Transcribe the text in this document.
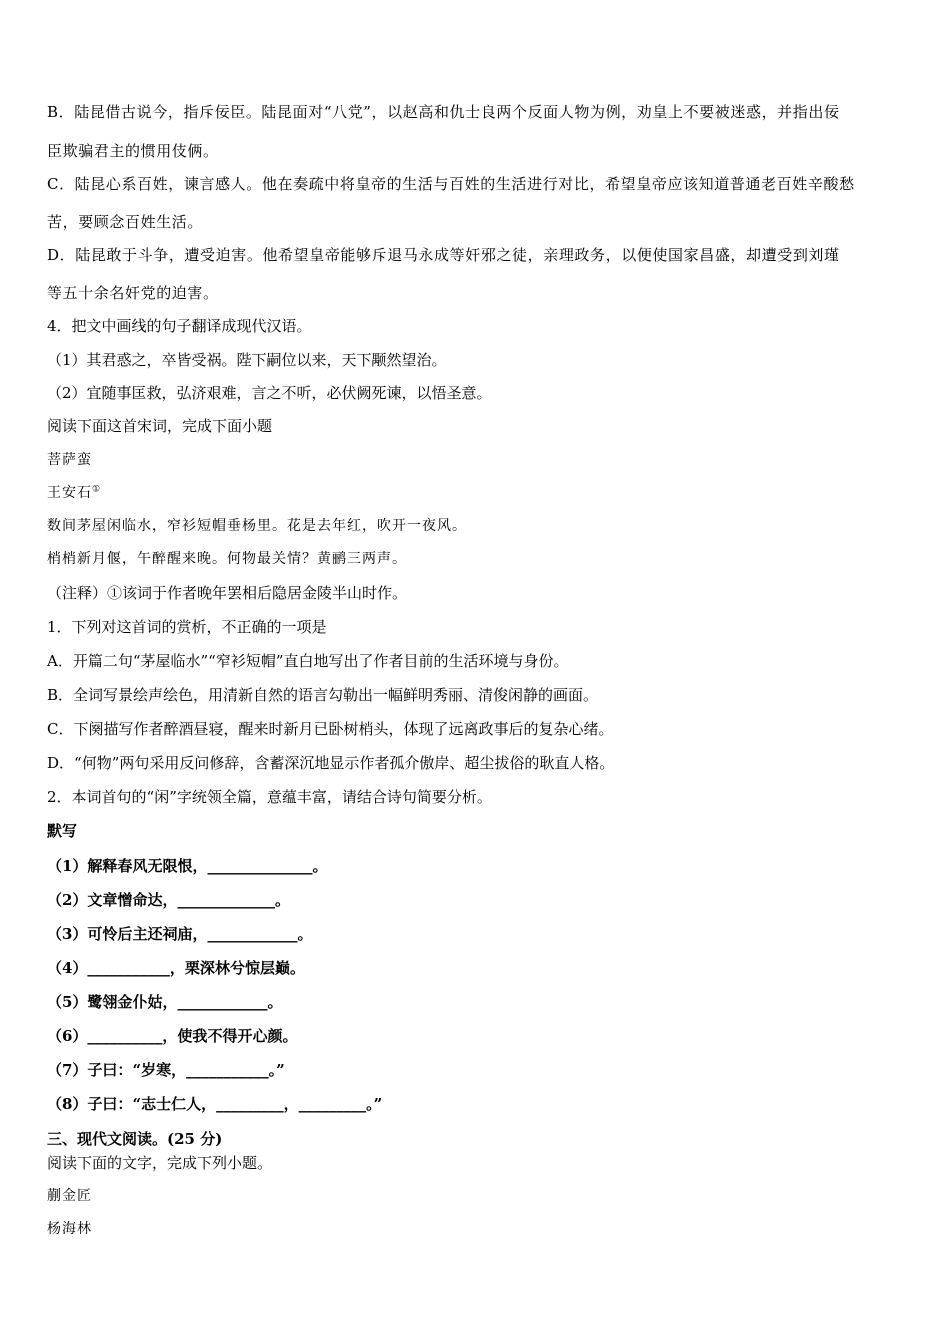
B．陆昆借古说今，指斥佞臣。陆昆面对“八党”，以赵高和仇士良两个反面人物为例，劝皇上不要被迷惑，并指出佞
臣欺骗君主的惯用伎俩。
C．陆昆心系百姓，谏言感人。他在奏疏中将皇帝的生活与百姓的生活进行对比，希望皇帝应该知道普通老百姓辛酸愁
苦，要顾念百姓生活。
D．陆昆敢于斗争，遭受迫害。他希望皇帝能够斥退马永成等奸邪之徒，亲理政务，以便使国家昌盛，却遭受到刘瑾
等五十余名奸党的迫害。
4．把文中画线的句子翻译成现代汉语。
（1）其君惑之，卒皆受祸。陛下嗣位以来，天下颙然望治。
（2）宜随事匡救，弘济艰难，言之不听，必伏阙死谏，以悟圣意。
阅读下面这首宋词，完成下面小题
菩萨蛮
王安石①
数间茅屋闲临水，窄衫短帽垂杨里。花是去年红，吹开一夜风。
梢梢新月偃，午醉醒来晚。何物最关情？黄鹂三两声。
（注释）①该词于作者晚年罢相后隐居金陵半山时作。
1．下列对这首词的赏析，不正确的一项是
A．开篇二句“茅屋临水”“窄衫短帽”直白地写出了作者目前的生活环境与身份。
B．全词写景绘声绘色，用清新自然的语言勾勒出一幅鲜明秀丽、清俊闲静的画面。
C．下阕描写作者醉酒昼寝，醒来时新月已卧树梢头，体现了远离政事后的复杂心绪。
D．“何物”两句采用反问修辞，含蓄深沉地显示作者孤介傲岸、超尘拔俗的耿直人格。
2．本词首句的“闲”字统领全篇，意蕴丰富，请结合诗句简要分析。
默写
（1）解释春风无限恨，______________。
（2）文章憎命达，_____________。
（3）可怜后主还祠庙，____________。
（4）___________，栗深林兮惊层巅。
（5）鹭翎金仆姑，____________。
（6）__________，使我不得开心颜。
（7）子曰：“岁寒，___________。”
（8）子曰：“志士仁人，_________，_________。”
三、现代文阅读。(25 分)
阅读下面的文字，完成下列小题。
蒯金匠
杨海林
